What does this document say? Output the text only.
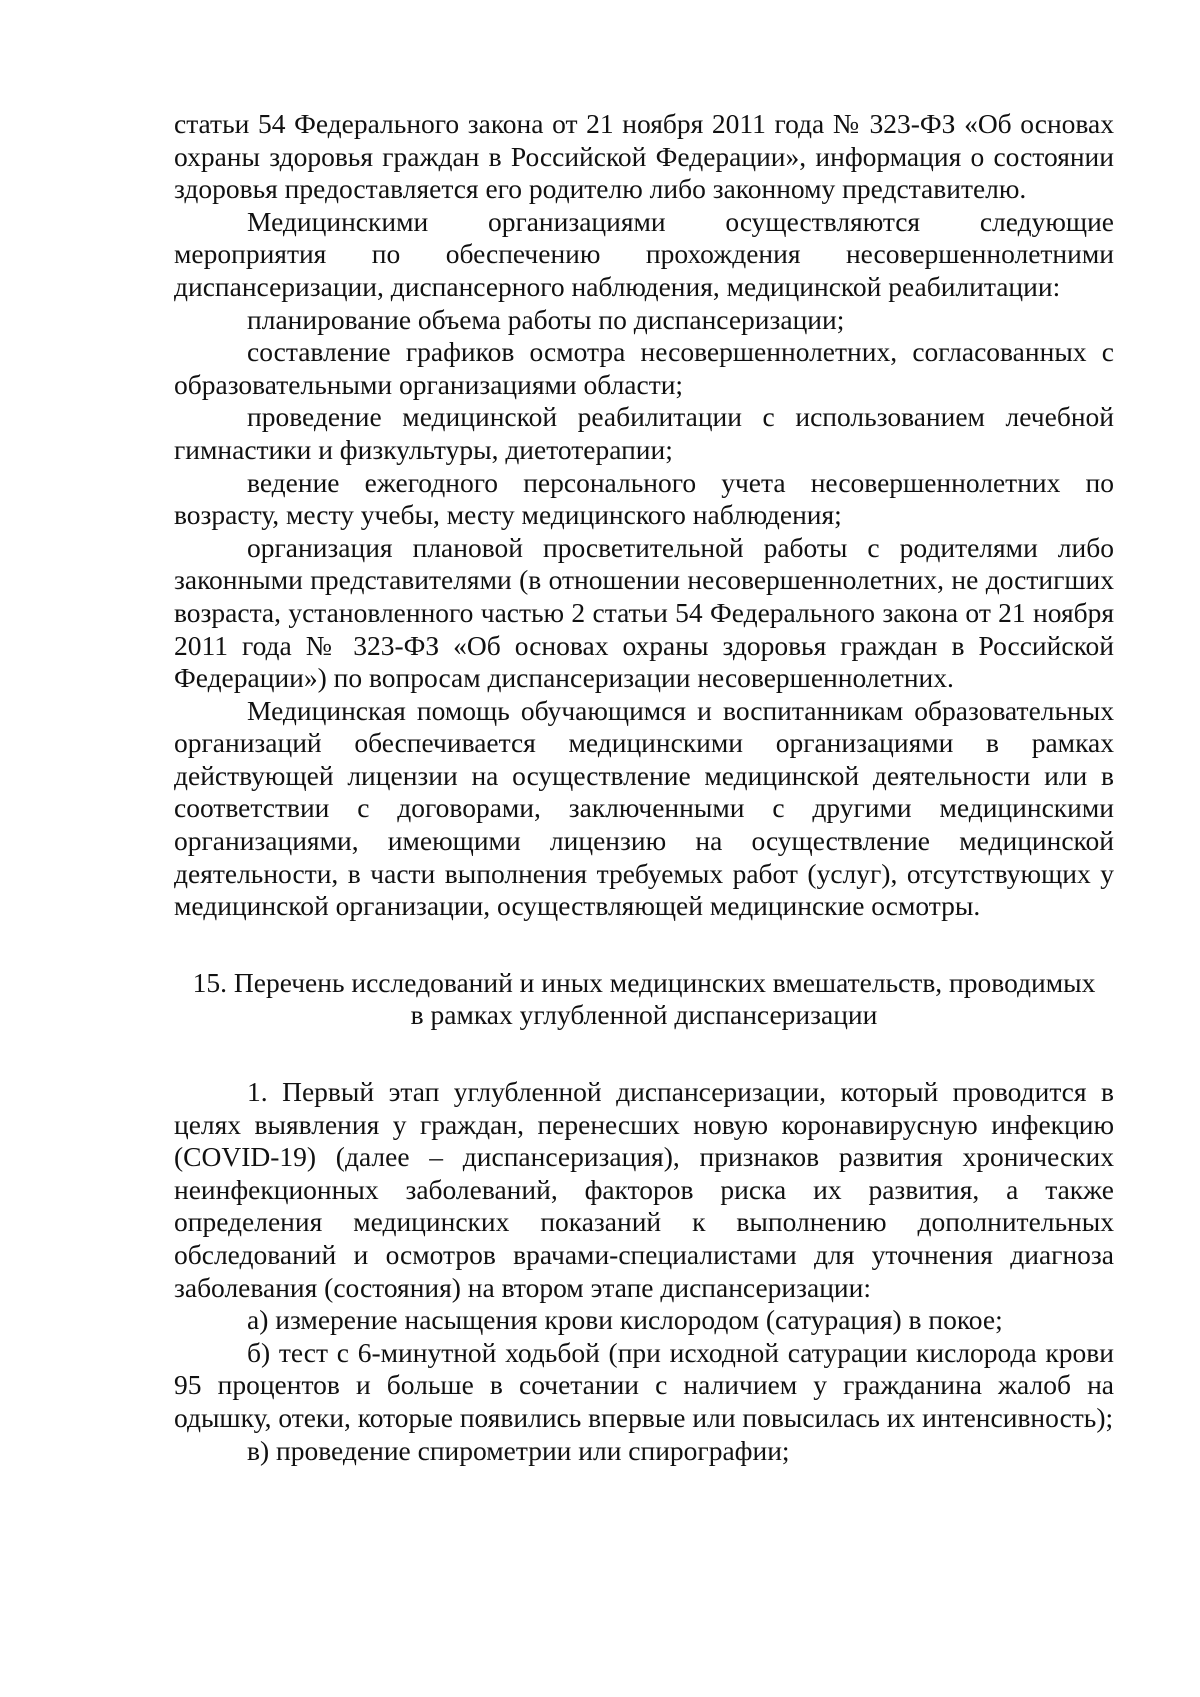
статьи 54 Федерального закона от 21 ноября 2011 года № 323-ФЗ «Об основах охраны здоровья граждан в Российской Федерации», информация о состоянии здоровья предоставляется его родителю либо законному представителю.

Медицинскими организациями осуществляются следующие мероприятия по обеспечению прохождения несовершеннолетними диспансеризации, диспансерного наблюдения, медицинской реабилитации:

планирование объема работы по диспансеризации;

составление графиков осмотра несовершеннолетних, согласованных с образовательными организациями области;

проведение медицинской реабилитации с использованием лечебной гимнастики и физкультуры, диетотерапии;

ведение ежегодного персонального учета несовершеннолетних по возрасту, месту учебы, месту медицинского наблюдения;

организация плановой просветительной работы с родителями либо законными представителями (в отношении несовершеннолетних, не достигших возраста, установленного частью 2 статьи 54 Федерального закона от 21 ноября 2011 года № 323-ФЗ «Об основах охраны здоровья граждан в Российской Федерации») по вопросам диспансеризации несовершеннолетних.

Медицинская помощь обучающимся и воспитанникам образовательных организаций обеспечивается медицинскими организациями в рамках действующей лицензии на осуществление медицинской деятельности или в соответствии с договорами, заключенными с другими медицинскими организациями, имеющими лицензию на осуществление медицинской деятельности, в части выполнения требуемых работ (услуг), отсутствующих у медицинской организации, осуществляющей медицинские осмотры.

15. Перечень исследований и иных медицинских вмешательств, проводимых
в рамках углубленной диспансеризации

1. Первый этап углубленной диспансеризации, который проводится в целях выявления у граждан, перенесших новую коронавирусную инфекцию (COVID-19) (далее – диспансеризация), признаков развития хронических неинфекционных заболеваний, факторов риска их развития, а также определения медицинских показаний к выполнению дополнительных обследований и осмотров врачами-специалистами для уточнения диагноза заболевания (состояния) на втором этапе диспансеризации:

а) измерение насыщения крови кислородом (сатурация) в покое;

б) тест с 6-минутной ходьбой (при исходной сатурации кислорода крови 95 процентов и больше в сочетании с наличием у гражданина жалоб на одышку, отеки, которые появились впервые или повысилась их интенсивность);

в) проведение спирометрии или спирографии;
